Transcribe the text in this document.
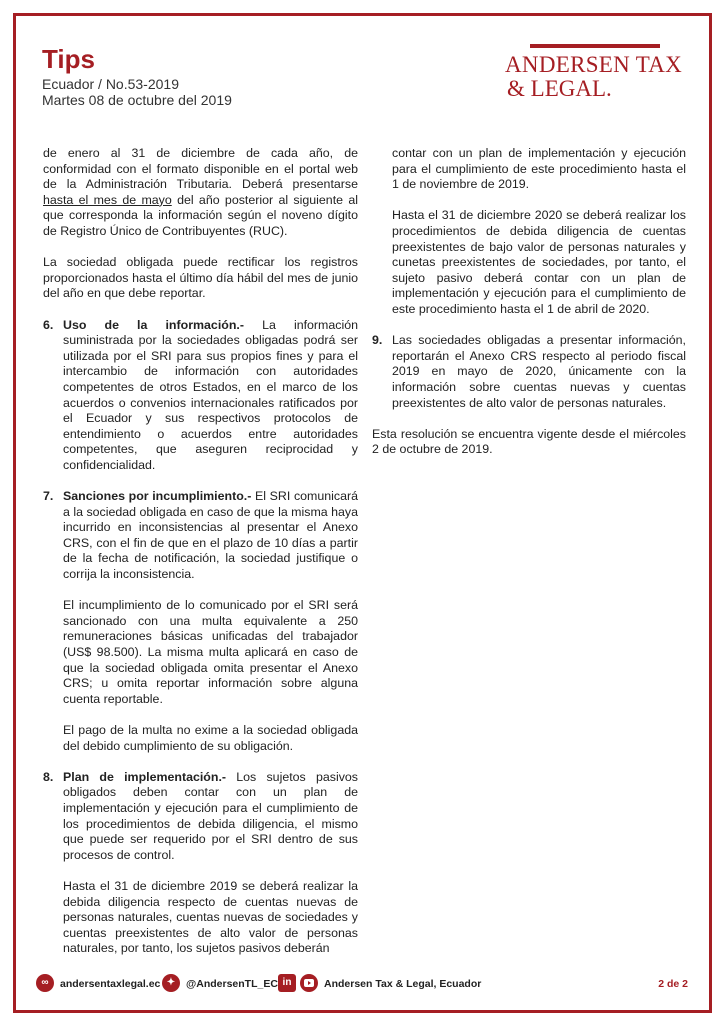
Tips
Ecuador / No.53-2019
Martes 08 de octubre del 2019
ANDERSEN TAX
& LEGAL.

de enero al 31 de diciembre de cada año, de conformidad con el formato disponible en el portal web de la Administración Tributaria. Deberá presentarse hasta el mes de mayo del año posterior al siguiente al que corresponda la información según el noveno dígito de Registro Único de Contribuyentes (RUC).

La sociedad obligada puede rectificar los registros proporcionados hasta el último día hábil del mes de junio del año en que debe reportar.

6. Uso de la información.- La información suministrada por la sociedades obligadas podrá ser utilizada por el SRI para sus propios fines y para el intercambio de información con autoridades competentes de otros Estados, en el marco de los acuerdos o convenios internacionales ratificados por el Ecuador y sus respectivos protocolos de entendimiento o acuerdos entre autoridades competentes, que aseguren reciprocidad y confidencialidad.

7. Sanciones por incumplimiento.- El SRI comunicará a la sociedad obligada en caso de que la misma haya incurrido en inconsistencias al presentar el Anexo CRS, con el fin de que en el plazo de 10 días a partir de la fecha de notificación, la sociedad justifique o corrija la inconsistencia.

El incumplimiento de lo comunicado por el SRI será sancionado con una multa equivalente a 250 remuneraciones básicas unificadas del trabajador (US$ 98.500). La misma multa aplicará en caso de que la sociedad obligada omita presentar el Anexo CRS; u omita reportar información sobre alguna cuenta reportable.

El pago de la multa no exime a la sociedad obligada del debido cumplimiento de su obligación.

8. Plan de implementación.- Los sujetos pasivos obligados deben contar con un plan de implementación y ejecución para el cumplimiento de los procedimientos de debida diligencia, el mismo que puede ser requerido por el SRI dentro de sus procesos de control.

Hasta el 31 de diciembre 2019 se deberá realizar la debida diligencia respecto de cuentas nuevas de personas naturales, cuentas nuevas de sociedades y cuentas preexistentes de alto valor de personas naturales, por tanto, los sujetos pasivos deberán

contar con un plan de implementación y ejecución para el cumplimiento de este procedimiento hasta el 1 de noviembre de 2019.

Hasta el 31 de diciembre 2020 se deberá realizar los procedimientos de debida diligencia de cuentas preexistentes de bajo valor de personas naturales y cunetas preexistentes de sociedades, por tanto, el sujeto pasivo deberá contar con un plan de implementación y ejecución para el cumplimiento de este procedimiento hasta el 1 de abril de 2020.

9. Las sociedades obligadas a presentar información, reportarán el Anexo CRS respecto al periodo fiscal 2019 en mayo de 2020, únicamente con la información sobre cuentas nuevas y cuentas preexistentes de alto valor de personas naturales.

Esta resolución se encuentra vigente desde el miércoles 2 de octubre de 2019.

∞	andersentaxlegal.ec ✦	@AndersenTL_EC in	Andersen Tax & Legal, Ecuador	2 de 2
